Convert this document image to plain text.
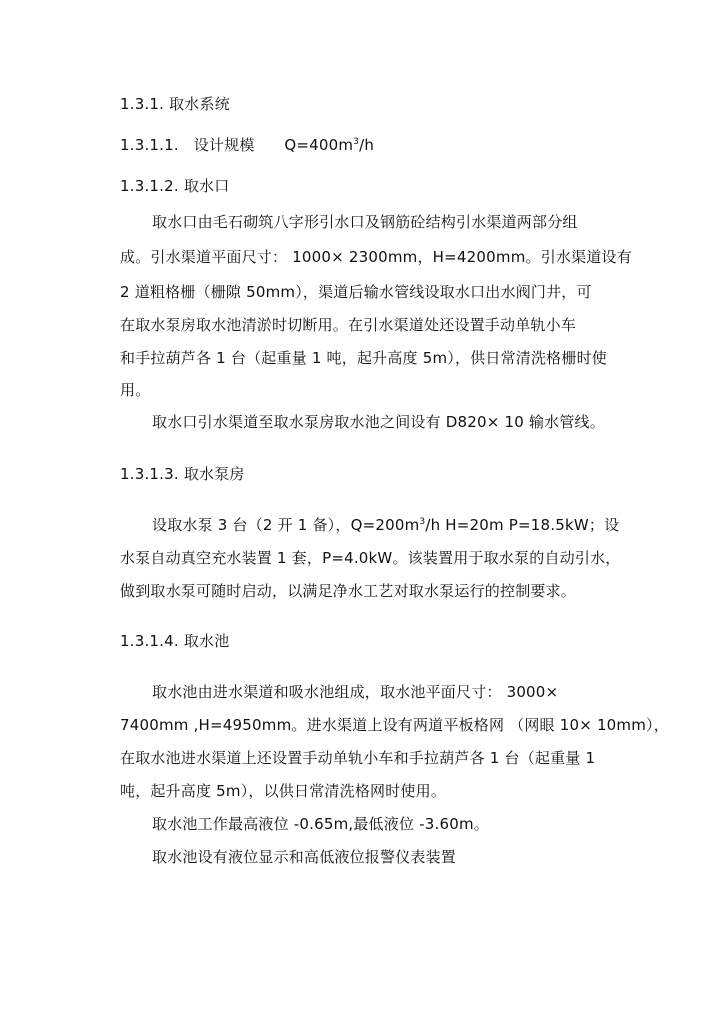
1.3.1. 取水系统
1.3.1.1. 设计规模 $Q=400m^3/h$
1.3.1.2. 取水口
取水口由毛石砌筑八字形引水口及钢筋砼结构引水渠道两部分组
成。引水渠道平面尺寸： 1000× 2300mm，H=4200mm。引水渠道设有
2 道粗格栅（栅隙 50mm），渠道后输水管线设取水口出水阀门井，可
在取水泵房取水池清淤时切断用。在引水渠道处还设置手动单轨小车
和手拉葫芦各 1 台（起重量 1 吨，起升高度 5m），供日常清洗格栅时使
用。
取水口引水渠道至取水泵房取水池之间设有 D820× 10 输水管线。
1.3.1.3. 取水泵房
设取水泵 3 台（2 开 1 备），$Q=200m^3/h$ H=20m P=18.5kW；设
水泵自动真空充水装置 1 套，P=4.0kW。该装置用于取水泵的自动引水，
做到取水泵可随时启动，以满足净水工艺对取水泵运行的控制要求。
1.3.1.4. 取水池
取水池由进水渠道和吸水池组成，取水池平面尺寸： 3000×
7400mm ,H=4950mm。进水渠道上设有两道平板格网 （网眼 10× 10mm），
在取水池进水渠道上还设置手动单轨小车和手拉葫芦各 1 台（起重量 1
吨，起升高度 5m），以供日常清洗格网时使用。
取水池工作最高液位 -0.65m,最低液位 -3.60m。
取水池设有液位显示和高低液位报警仪表装置
